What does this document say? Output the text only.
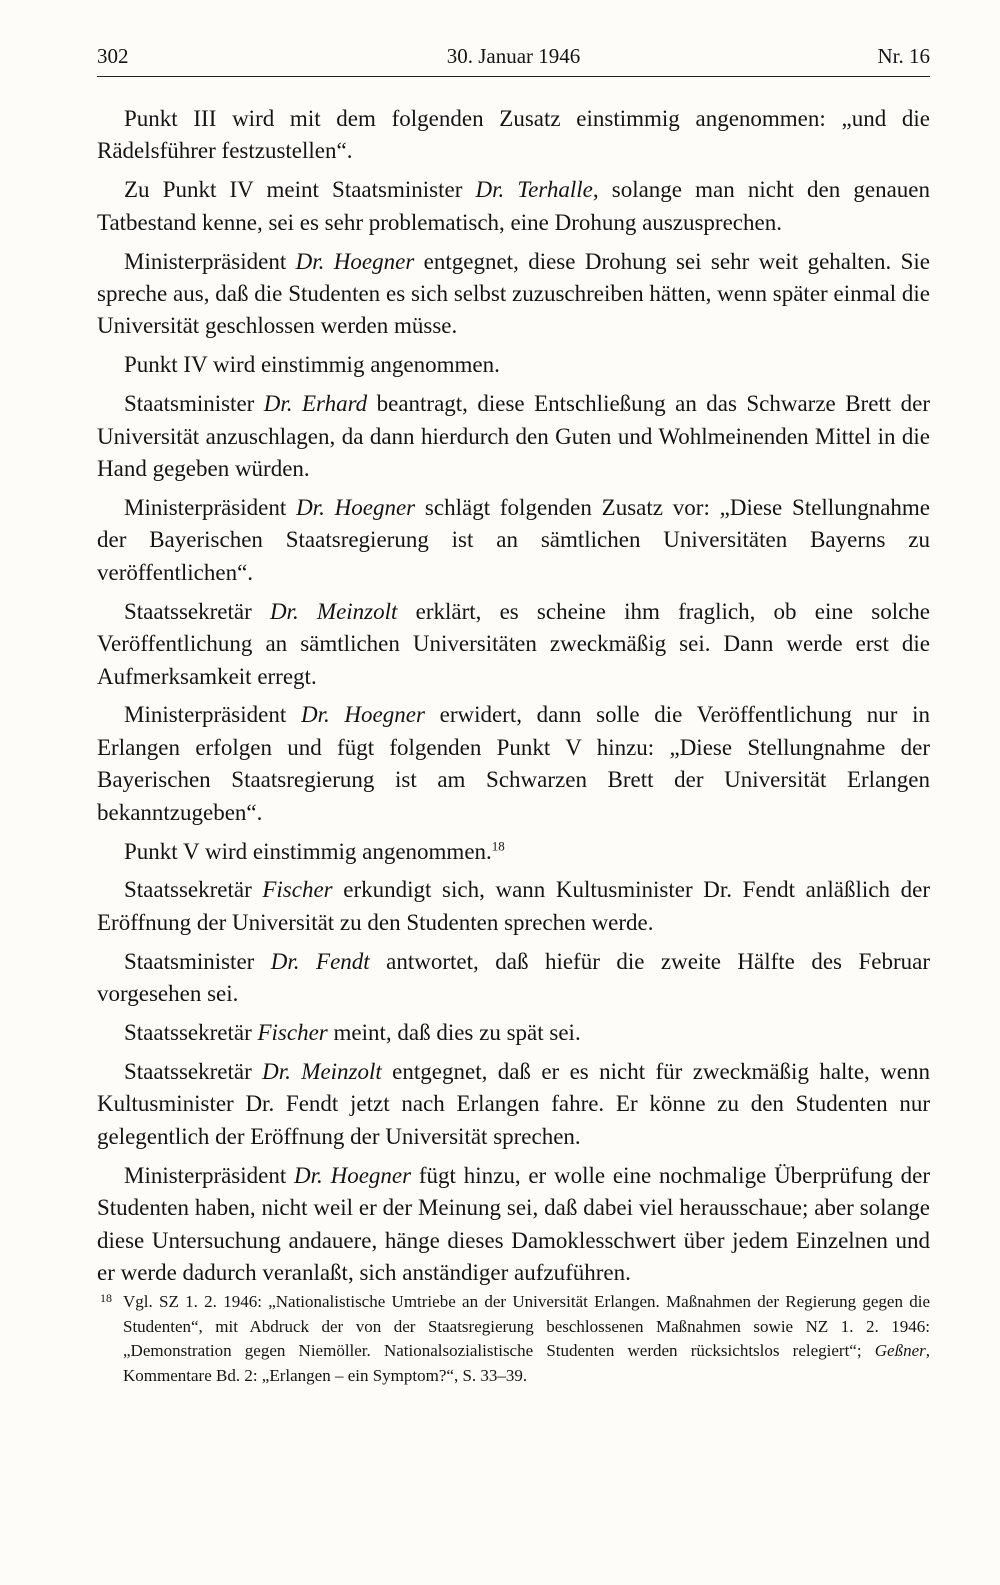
302	30. Januar 1946	Nr. 16

Punkt III wird mit dem folgenden Zusatz einstimmig angenommen: „und die Rädelsführer festzustellen“.

Zu Punkt IV meint Staatsminister Dr. Terhalle, solange man nicht den genauen Tatbestand kenne, sei es sehr problematisch, eine Drohung auszusprechen.

Ministerpräsident Dr. Hoegner entgegnet, diese Drohung sei sehr weit gehalten. Sie spreche aus, daß die Studenten es sich selbst zuzuschreiben hätten, wenn später einmal die Universität geschlossen werden müsse.

Punkt IV wird einstimmig angenommen.

Staatsminister Dr. Erhard beantragt, diese Entschließung an das Schwarze Brett der Universität anzuschlagen, da dann hierdurch den Guten und Wohlmeinenden Mittel in die Hand gegeben würden.

Ministerpräsident Dr. Hoegner schlägt folgenden Zusatz vor: „Diese Stellungnahme der Bayerischen Staatsregierung ist an sämtlichen Universitäten Bayerns zu veröffentlichen“.

Staatssekretär Dr. Meinzolt erklärt, es scheine ihm fraglich, ob eine solche Veröffentlichung an sämtlichen Universitäten zweckmäßig sei. Dann werde erst die Aufmerksamkeit erregt.

Ministerpräsident Dr. Hoegner erwidert, dann solle die Veröffentlichung nur in Erlangen erfolgen und fügt folgenden Punkt V hinzu: „Diese Stellungnahme der Bayerischen Staatsregierung ist am Schwarzen Brett der Universität Erlangen bekanntzugeben“.

Punkt V wird einstimmig angenommen.$^{18}$

Staatssekretär Fischer erkundigt sich, wann Kultusminister Dr. Fendt anläßlich der Eröffnung der Universität zu den Studenten sprechen werde.

Staatsminister Dr. Fendt antwortet, daß hiefür die zweite Hälfte des Februar vorgesehen sei.

Staatssekretär Fischer meint, daß dies zu spät sei.

Staatssekretär Dr. Meinzolt entgegnet, daß er es nicht für zweckmäßig halte, wenn Kultusminister Dr. Fendt jetzt nach Erlangen fahre. Er könne zu den Studenten nur gelegentlich der Eröffnung der Universität sprechen.

Ministerpräsident Dr. Hoegner fügt hinzu, er wolle eine nochmalige Überprüfung der Studenten haben, nicht weil er der Meinung sei, daß dabei viel herausschaue; aber solange diese Untersuchung andauere, hänge dieses Damoklesschwert über jedem Einzelnen und er werde dadurch veranlaßt, sich anständiger aufzuführen.

18 Vgl. SZ 1. 2. 1946: „Nationalistische Umtriebe an der Universität Erlangen. Maßnahmen der Regierung gegen die Studenten“, mit Abdruck der von der Staatsregierung beschlossenen Maßnahmen sowie NZ 1. 2. 1946: „Demonstration gegen Niemöller. Nationalsozialistische Studenten werden rücksichtslos relegiert“; Geßner, Kommentare Bd. 2: „Erlangen – ein Symptom?“, S. 33–39.
